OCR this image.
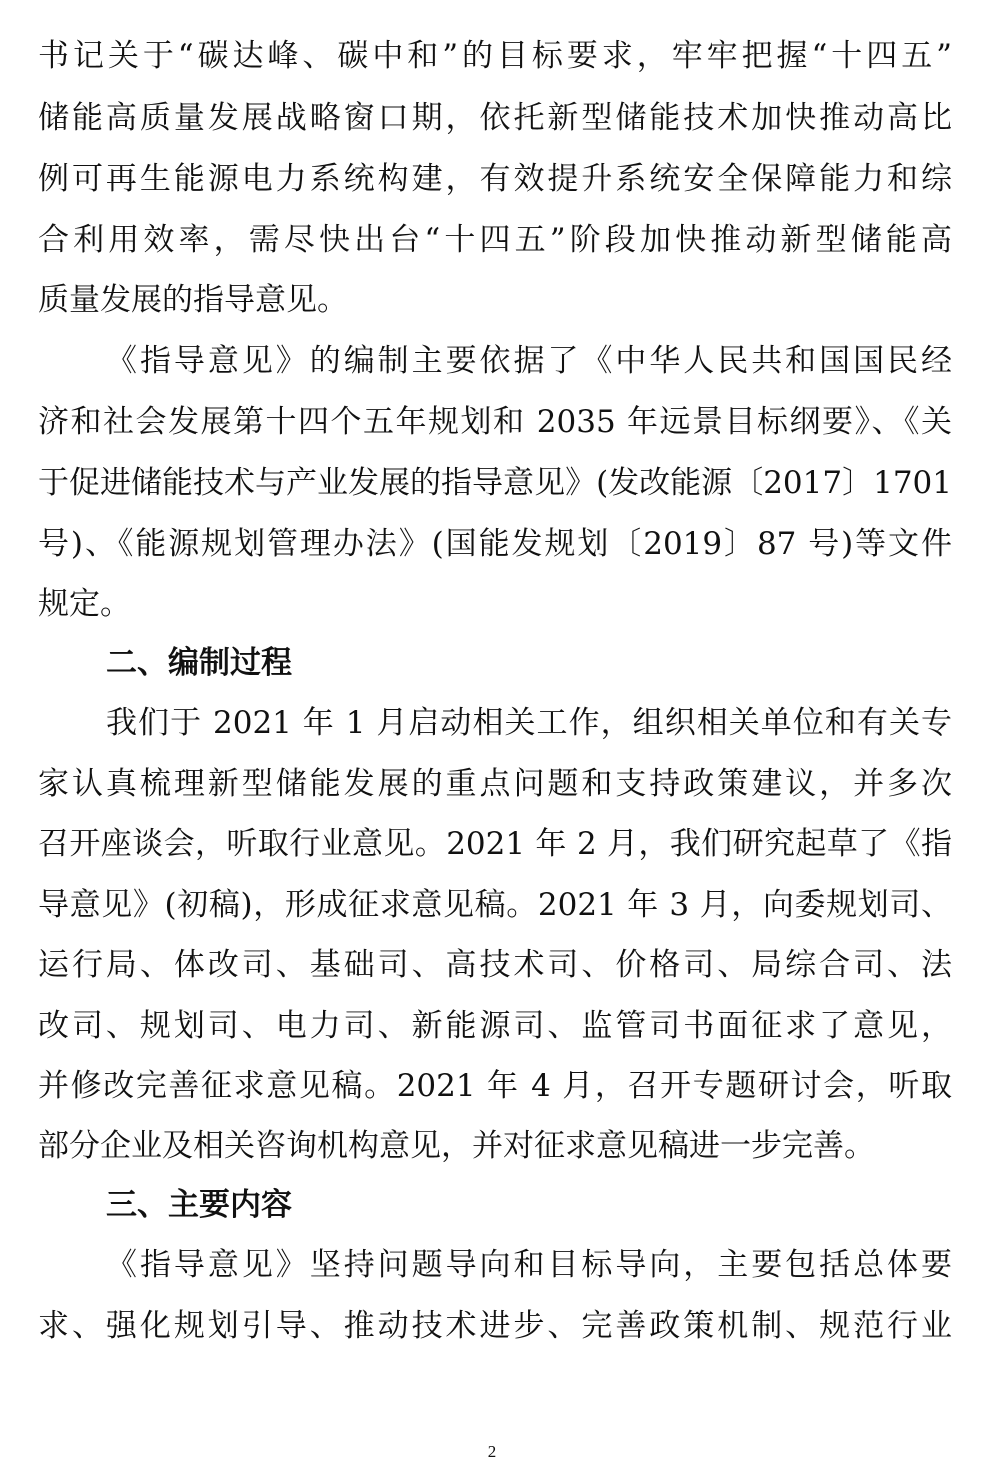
书记关于“碳达峰、碳中和”的目标要求，牢牢把握“十四五”
储能高质量发展战略窗口期，依托新型储能技术加快推动高比
例可再生能源电力系统构建，有效提升系统安全保障能力和综
合利用效率，需尽快出台“十四五”阶段加快推动新型储能高
质量发展的指导意见。
《指导意见》的编制主要依据了《中华人民共和国国民经
济和社会发展第十四个五年规划和 2035 年远景目标纲要》、《关
于促进储能技术与产业发展的指导意见》(发改能源〔2017〕1701
号)、《能源规划管理办法》(国能发规划〔2019〕87 号)等文件
规定。
二、编制过程
我们于 2021 年 1 月启动相关工作，组织相关单位和有关专
家认真梳理新型储能发展的重点问题和支持政策建议，并多次
召开座谈会，听取行业意见。2021 年 2 月，我们研究起草了《指
导意见》(初稿)，形成征求意见稿。2021 年 3 月，向委规划司、
运行局、体改司、基础司、高技术司、价格司、局综合司、法
改司、规划司、电力司、新能源司、监管司书面征求了意见，
并修改完善征求意见稿。2021 年 4 月，召开专题研讨会，听取
部分企业及相关咨询机构意见，并对征求意见稿进一步完善。
三、主要内容
《指导意见》坚持问题导向和目标导向，主要包括总体要
求、强化规划引导、推动技术进步、完善政策机制、规范行业
2
